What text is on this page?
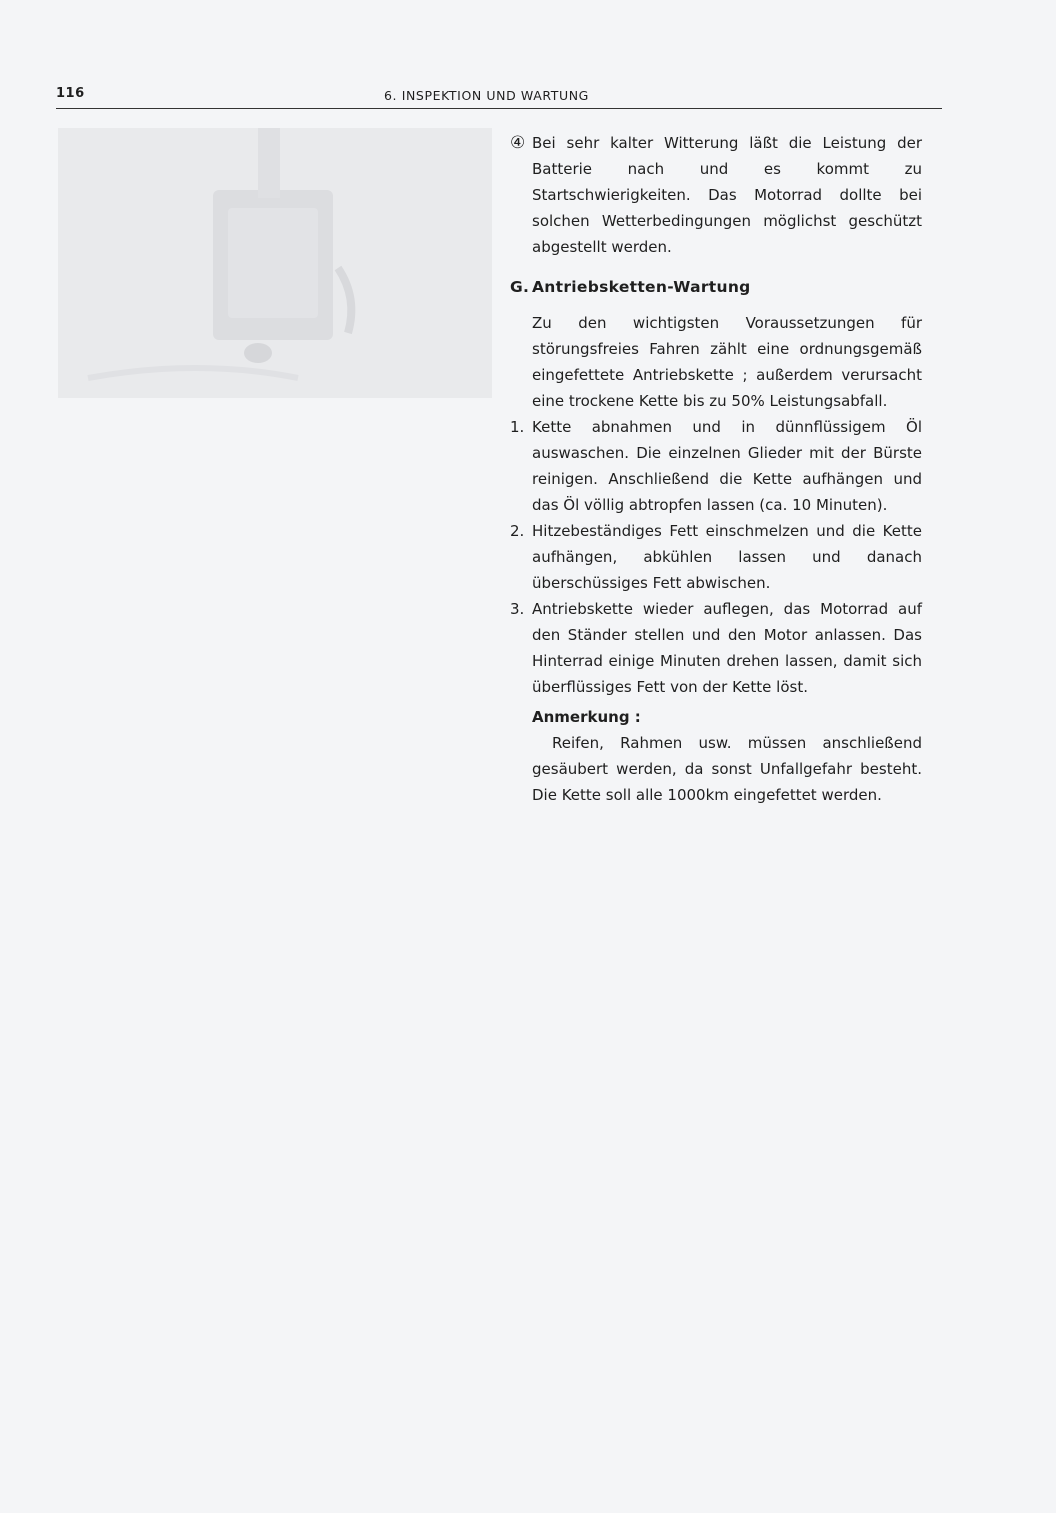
116	6. INSPEKTION UND WARTUNG
④ Bei sehr kalter Witterung läßt die Leistung der Batterie nach und es kommt zu Startschwierigkeiten. Das Motorrad dollte bei solchen Wetterbedingungen möglichst geschützt abgestellt werden.

G. Antriebsketten-Wartung

Zu den wichtigsten Voraussetzungen für störungsfreies Fahren zählt eine ordnungsgemäß eingefettete Antriebskette ; außerdem verursacht eine trockene Kette bis zu 50% Leistungsabfall.

1. Kette abnahmen und in dünnflüssigem Öl auswaschen. Die einzelnen Glieder mit der Bürste reinigen. Anschließend die Kette aufhängen und das Öl völlig abtropfen lassen (ca. 10 Minuten).

2. Hitzebeständiges Fett einschmelzen und die Kette aufhängen, abkühlen lassen und danach überschüssiges Fett abwischen.

3. Antriebskette wieder auflegen, das Motorrad auf den Ständer stellen und den Motor anlassen. Das Hinterrad einige Minuten drehen lassen, damit sich überflüssiges Fett von der Kette löst.

Anmerkung :

Reifen, Rahmen usw. müssen anschließend gesäubert werden, da sonst Unfallgefahr besteht. Die Kette soll alle 1000km eingefettet werden.
